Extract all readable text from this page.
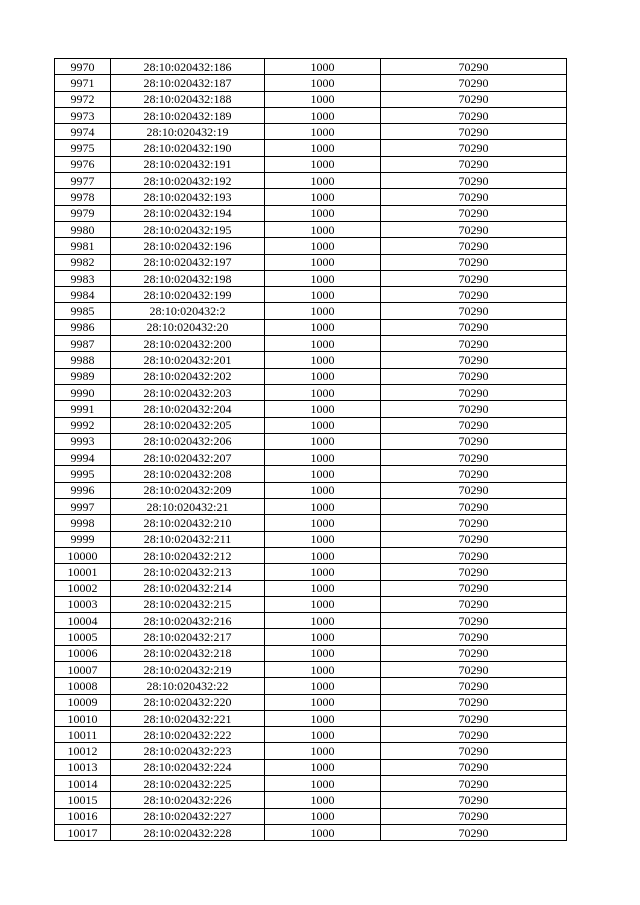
9970	28:10:020432:186	1000	70290
9971	28:10:020432:187	1000	70290
9972	28:10:020432:188	1000	70290
9973	28:10:020432:189	1000	70290
9974	28:10:020432:19	1000	70290
9975	28:10:020432:190	1000	70290
9976	28:10:020432:191	1000	70290
9977	28:10:020432:192	1000	70290
9978	28:10:020432:193	1000	70290
9979	28:10:020432:194	1000	70290
9980	28:10:020432:195	1000	70290
9981	28:10:020432:196	1000	70290
9982	28:10:020432:197	1000	70290
9983	28:10:020432:198	1000	70290
9984	28:10:020432:199	1000	70290
9985	28:10:020432:2	1000	70290
9986	28:10:020432:20	1000	70290
9987	28:10:020432:200	1000	70290
9988	28:10:020432:201	1000	70290
9989	28:10:020432:202	1000	70290
9990	28:10:020432:203	1000	70290
9991	28:10:020432:204	1000	70290
9992	28:10:020432:205	1000	70290
9993	28:10:020432:206	1000	70290
9994	28:10:020432:207	1000	70290
9995	28:10:020432:208	1000	70290
9996	28:10:020432:209	1000	70290
9997	28:10:020432:21	1000	70290
9998	28:10:020432:210	1000	70290
9999	28:10:020432:211	1000	70290
10000	28:10:020432:212	1000	70290
10001	28:10:020432:213	1000	70290
10002	28:10:020432:214	1000	70290
10003	28:10:020432:215	1000	70290
10004	28:10:020432:216	1000	70290
10005	28:10:020432:217	1000	70290
10006	28:10:020432:218	1000	70290
10007	28:10:020432:219	1000	70290
10008	28:10:020432:22	1000	70290
10009	28:10:020432:220	1000	70290
10010	28:10:020432:221	1000	70290
10011	28:10:020432:222	1000	70290
10012	28:10:020432:223	1000	70290
10013	28:10:020432:224	1000	70290
10014	28:10:020432:225	1000	70290
10015	28:10:020432:226	1000	70290
10016	28:10:020432:227	1000	70290
10017	28:10:020432:228	1000	70290
